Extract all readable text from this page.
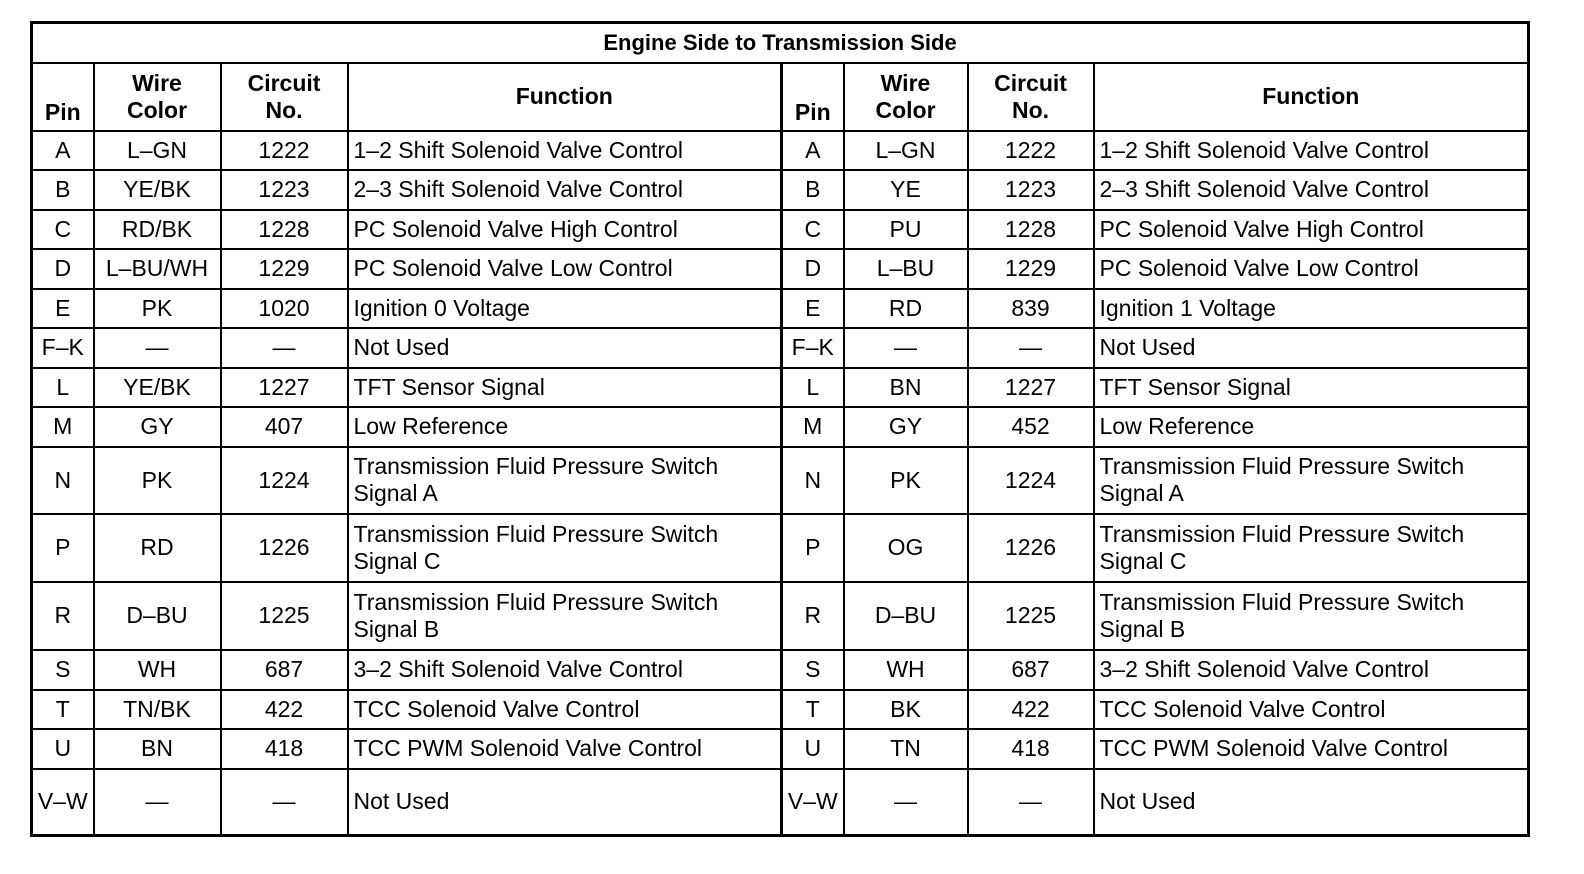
Engine Side to Transmission Side							
Pin	Wire Color	Circuit No.	Function	Pin	Wire Color	Circuit No.	Function
A	L–GN	1222	1–2 Shift Solenoid Valve Control	A	L–GN	1222	1–2 Shift Solenoid Valve Control
B	YE/BK	1223	2–3 Shift Solenoid Valve Control	B	YE	1223	2–3 Shift Solenoid Valve Control
C	RD/BK	1228	PC Solenoid Valve High Control	C	PU	1228	PC Solenoid Valve High Control
D	L–BU/WH	1229	PC Solenoid Valve Low Control	D	L–BU	1229	PC Solenoid Valve Low Control
E	PK	1020	Ignition 0 Voltage	E	RD	839	Ignition 1 Voltage
F–K	—	—	Not Used	F–K	—	—	Not Used
L	YE/BK	1227	TFT Sensor Signal	L	BN	1227	TFT Sensor Signal
M	GY	407	Low Reference	M	GY	452	Low Reference
N	PK	1224	Transmission Fluid Pressure Switch Signal A	N	PK	1224	Transmission Fluid Pressure Switch Signal A
P	RD	1226	Transmission Fluid Pressure Switch Signal C	P	OG	1226	Transmission Fluid Pressure Switch Signal C
R	D–BU	1225	Transmission Fluid Pressure Switch Signal B	R	D–BU	1225	Transmission Fluid Pressure Switch Signal B
S	WH	687	3–2 Shift Solenoid Valve Control	S	WH	687	3–2 Shift Solenoid Valve Control
T	TN/BK	422	TCC Solenoid Valve Control	T	BK	422	TCC Solenoid Valve Control
U	BN	418	TCC PWM Solenoid Valve Control	U	TN	418	TCC PWM Solenoid Valve Control
V–W	—	—	Not Used	V–W	—	—	Not Used
